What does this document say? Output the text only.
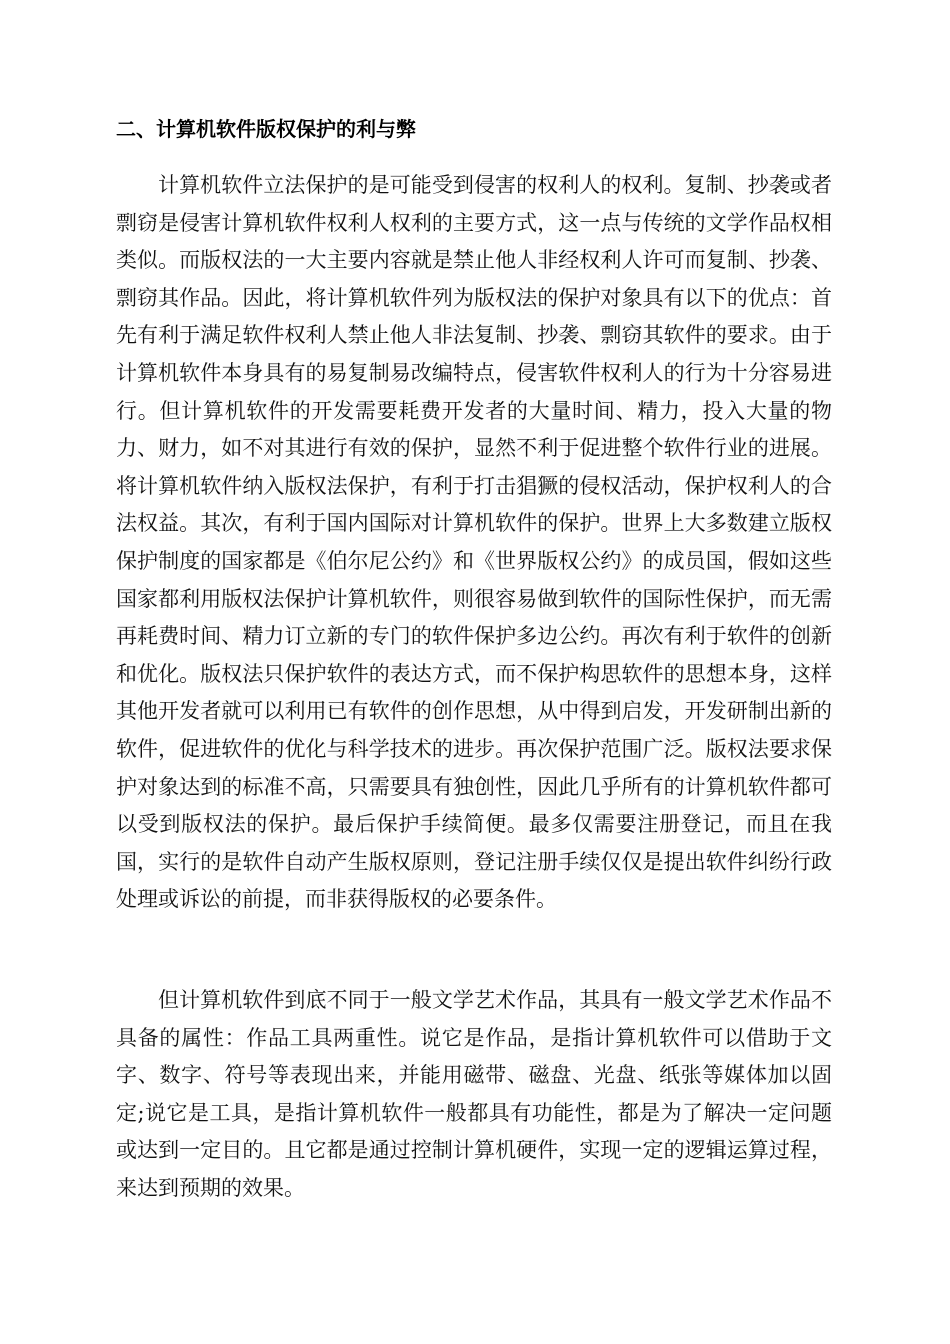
二、计算机软件版权保护的利与弊

计算机软件立法保护的是可能受到侵害的权利人的权利。复制、抄袭或者剽窃是侵害计算机软件权利人权利的主要方式，这一点与传统的文学作品权相类似。而版权法的一大主要内容就是禁止他人非经权利人许可而复制、抄袭、剽窃其作品。因此，将计算机软件列为版权法的保护对象具有以下的优点：首先有利于满足软件权利人禁止他人非法复制、抄袭、剽窃其软件的要求。由于计算机软件本身具有的易复制易改编特点，侵害软件权利人的行为十分容易进行。但计算机软件的开发需要耗费开发者的大量时间、精力，投入大量的物力、财力，如不对其进行有效的保护，显然不利于促进整个软件行业的进展。将计算机软件纳入版权法保护，有利于打击猖獗的侵权活动，保护权利人的合法权益。其次，有利于国内国际对计算机软件的保护。世界上大多数建立版权保护制度的国家都是《伯尔尼公约》和《世界版权公约》的成员国，假如这些国家都利用版权法保护计算机软件，则很容易做到软件的国际性保护，而无需再耗费时间、精力订立新的专门的软件保护多边公约。再次有利于软件的创新和优化。版权法只保护软件的表达方式，而不保护构思软件的思想本身，这样其他开发者就可以利用已有软件的创作思想，从中得到启发，开发研制出新的软件，促进软件的优化与科学技术的进步。再次保护范围广泛。版权法要求保护对象达到的标准不高，只需要具有独创性，因此几乎所有的计算机软件都可以受到版权法的保护。最后保护手续简便。最多仅需要注册登记，而且在我国，实行的是软件自动产生版权原则，登记注册手续仅仅是提出软件纠纷行政处理或诉讼的前提，而非获得版权的必要条件。

但计算机软件到底不同于一般文学艺术作品，其具有一般文学艺术作品不具备的属性：作品工具两重性。说它是作品，是指计算机软件可以借助于文字、数字、符号等表现出来，并能用磁带、磁盘、光盘、纸张等媒体加以固定;说它是工具，是指计算机软件一般都具有功能性，都是为了解决一定问题或达到一定目的。且它都是通过控制计算机硬件，实现一定的逻辑运算过程，来达到预期的效果。
